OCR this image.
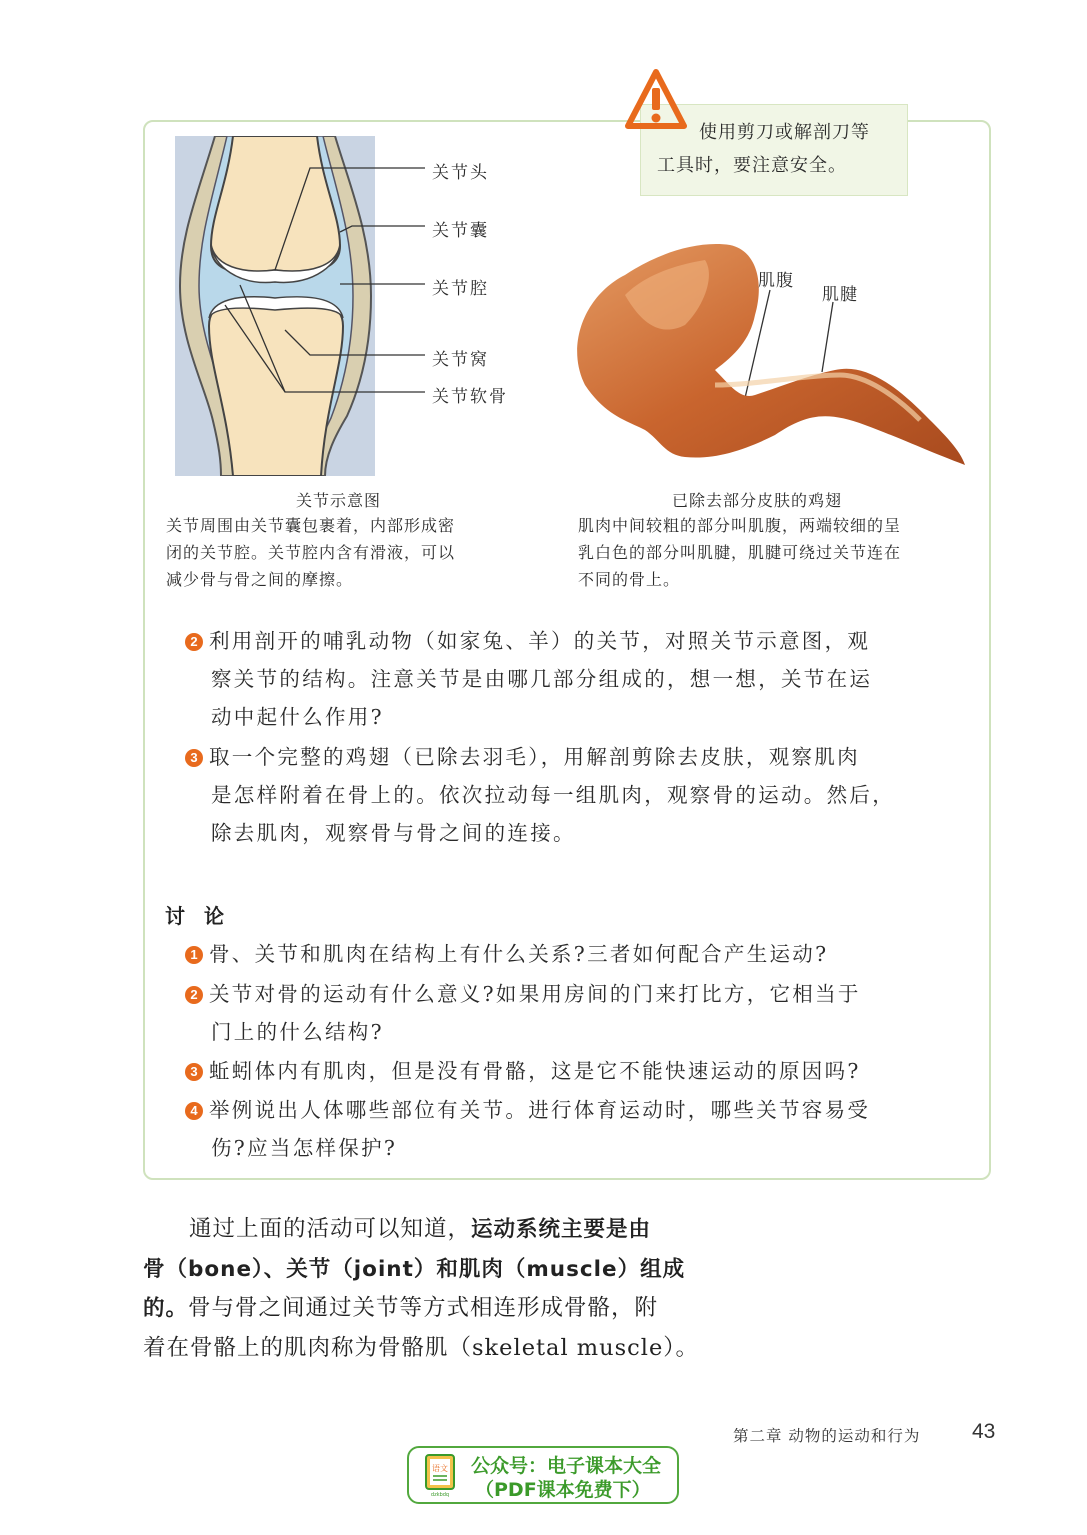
使用剪刀或解剖刀等
工具时，要注意安全。
关节头
关节囊
关节腔
关节窝
关节软骨
肌腹
肌腱
关节示意图
关节周围由关节囊包裹着，内部形成密
闭的关节腔。关节腔内含有滑液，可以
减少骨与骨之间的摩擦。
已除去部分皮肤的鸡翅
肌肉中间较粗的部分叫肌腹，两端较细的呈
乳白色的部分叫肌腱，肌腱可绕过关节连在
不同的骨上。
2 利用剖开的哺乳动物（如家兔、羊）的关节，对照关节示意图，观
察关节的结构。注意关节是由哪几部分组成的，想一想，关节在运
动中起什么作用?
3 取一个完整的鸡翅（已除去羽毛），用解剖剪除去皮肤，观察肌肉
是怎样附着在骨上的。依次拉动每一组肌肉，观察骨的运动。然后，
除去肌肉，观察骨与骨之间的连接。
讨 论
1 骨、关节和肌肉在结构上有什么关系?三者如何配合产生运动?
2 关节对骨的运动有什么意义?如果用房间的门来打比方，它相当于
门上的什么结构?
3 蚯蚓体内有肌肉，但是没有骨骼，这是它不能快速运动的原因吗?
4 举例说出人体哪些部位有关节。进行体育运动时，哪些关节容易受
伤?应当怎样保护?
通过上面的活动可以知道，运动系统主要是由
骨（bone）、关节（joint）和肌肉（muscle）组成
的。骨与骨之间通过关节等方式相连形成骨骼，附
着在骨骼上的肌肉称为骨骼肌（skeletal muscle）。
第二章 动物的运动和行为 43
语文
dzkbdq
公众号：电子课本大全
（PDF课本免费下）
